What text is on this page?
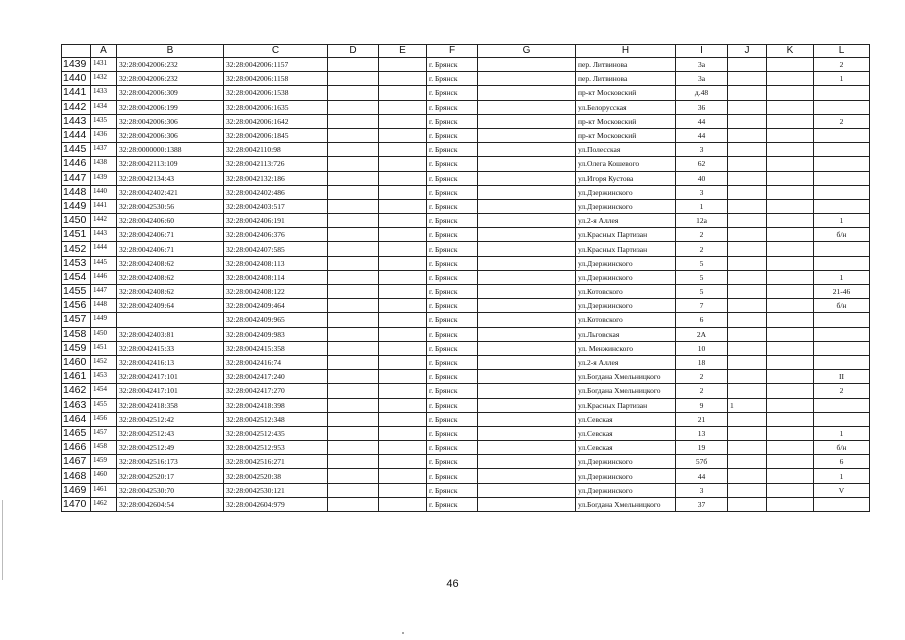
	A	B	C	D	E	F	G	H	I	J	K	L
1439	1431	32:28:0042006:232	32:28:0042006:1157			г. Брянск		пер. Литвинова	3а			2
1440	1432	32:28:0042006:232	32:28:0042006:1158			г. Брянск		пер. Литвинова	3а			1
1441	1433	32:28:0042006:309	32:28:0042006:1538			г. Брянск		пр-кт Московский	д.48			
1442	1434	32:28:0042006:199	32:28:0042006:1635			г. Брянск		ул.Белорусская	36			
1443	1435	32:28:0042006:306	32:28:0042006:1642			г. Брянск		пр-кт Московский	44			2
1444	1436	32:28:0042006:306	32:28:0042006:1845			г. Брянск		пр-кт Московский	44			
1445	1437	32:28:0000000:1388	32:28:0042110:98			г. Брянск		ул.Полесская	3			
1446	1438	32:28:0042113:109	32:28:0042113:726			г. Брянск		ул.Олега Кошевого	62			
1447	1439	32:28:0042134:43	32:28:0042132:186			г. Брянск		ул.Игоря Кустова	40			
1448	1440	32:28:0042402:421	32:28:0042402:486			г. Брянск		ул.Дзержинского	3			
1449	1441	32:28:0042530:56	32:28:0042403:517			г. Брянск		ул.Дзержинского	1			
1450	1442	32:28:0042406:60	32:28:0042406:191			г. Брянск		ул.2-я Аллея	12а			1
1451	1443	32:28:0042406:71	32:28:0042406:376			г. Брянск		ул.Красных Партизан	2			б/н
1452	1444	32:28:0042406:71	32:28:0042407:585			г. Брянск		ул.Красных Партизан	2			
1453	1445	32:28:0042408:62	32:28:0042408:113			г. Брянск		ул.Дзержинского	5			
1454	1446	32:28:0042408:62	32:28:0042408:114			г. Брянск		ул.Дзержинского	5			1
1455	1447	32:28:0042408:62	32:28:0042408:122			г. Брянск		ул.Котовского	5			21-46
1456	1448	32:28:0042409:64	32:28:0042409:464			г. Брянск		ул.Дзержинского	7			б/н
1457	1449		32:28:0042409:965			г. Брянск		ул.Котовского	6			
1458	1450	32:28:0042403:81	32:28:0042409:983			г. Брянск		ул.Льговская	2А			
1459	1451	32:28:0042415:33	32:28:0042415:358			г. Брянск		ул. Менжинского	10			
1460	1452	32:28:0042416:13	32:28:0042416:74			г. Брянск		ул.2-я Аллея	18			
1461	1453	32:28:0042417:101	32:28:0042417:240			г. Брянск		ул.Богдана Хмельницкого	2			II
1462	1454	32:28:0042417:101	32:28:0042417:270			г. Брянск		ул.Богдана Хмельницкого	2			2
1463	1455	32:28:0042418:358	32:28:0042418:398			г. Брянск		ул.Красных Партизан	9	1		
1464	1456	32:28:0042512:42	32:28:0042512:348			г. Брянск		ул.Севская	21			
1465	1457	32:28:0042512:43	32:28:0042512:435			г. Брянск		ул.Севская	13			1
1466	1458	32:28:0042512:49	32:28:0042512:953			г. Брянск		ул.Севская	19			б/н
1467	1459	32:28:0042516:173	32:28:0042516:271			г. Брянск		ул.Дзержинского	57б			6
1468	1460	32:28:0042520:17	32:28:0042520:38			г. Брянск		ул.Дзержинского	44			1
1469	1461	32:28:0042530:70	32:28:0042530:121			г. Брянск		ул.Дзержинского	3			V
1470	1462	32:28:0042604:54	32:28:0042604:979			г. Брянск		ул.Богдана Хмельницкого	37			
46
